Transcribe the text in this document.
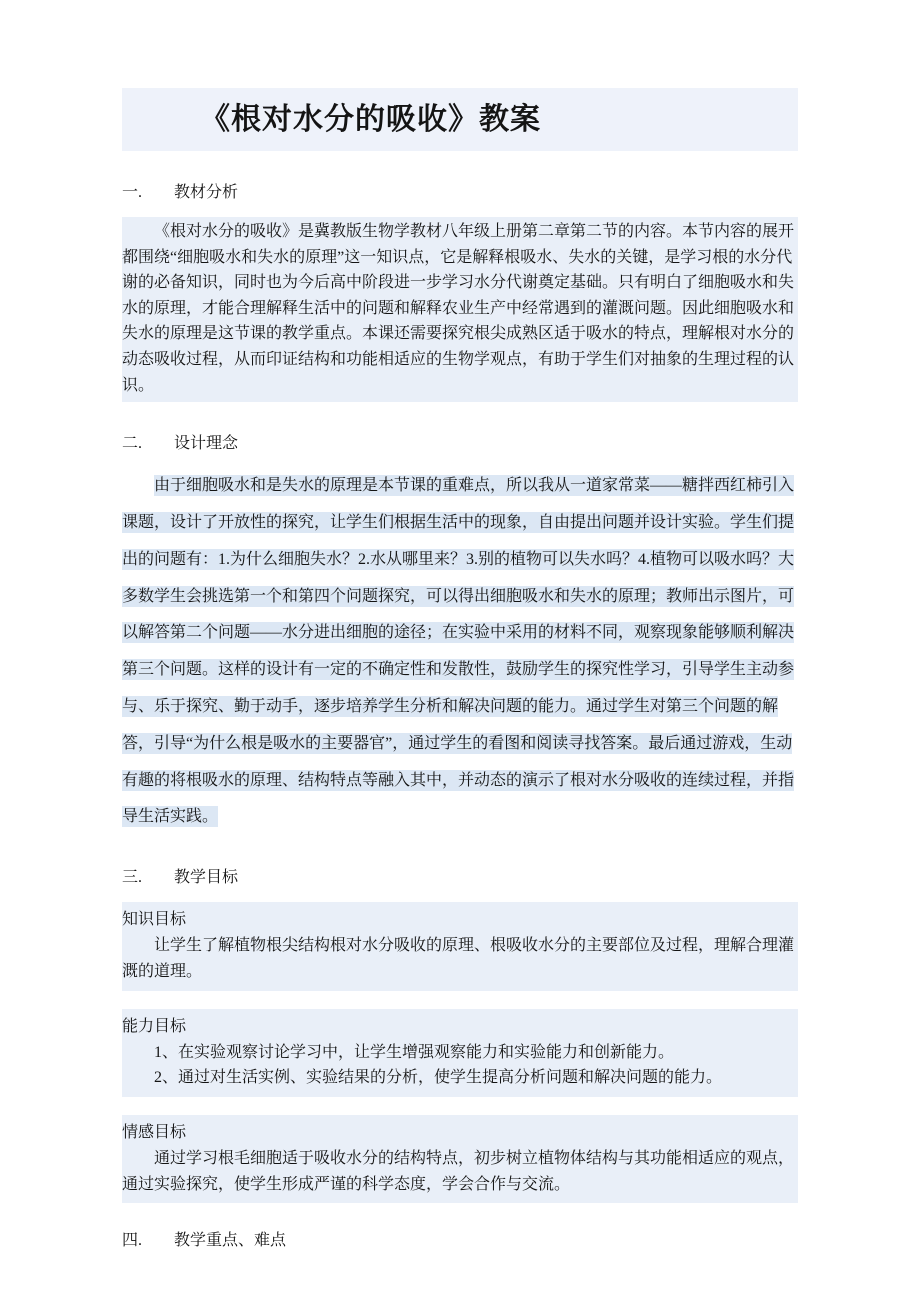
《根对水分的吸收》教案
一.　　教材分析

《根对水分的吸收》是冀教版生物学教材八年级上册第二章第二节的内容。本节内容的展开都围绕“细胞吸水和失水的原理”这一知识点，它是解释根吸水、失水的关键，是学习根的水分代谢的必备知识，同时也为今后高中阶段进一步学习水分代谢奠定基础。只有明白了细胞吸水和失水的原理，才能合理解释生活中的问题和解释农业生产中经常遇到的灌溉问题。因此细胞吸水和失水的原理是这节课的教学重点。本课还需要探究根尖成熟区适于吸水的特点，理解根对水分的动态吸收过程，从而印证结构和功能相适应的生物学观点，有助于学生们对抽象的生理过程的认识。

二.　　设计理念

由于细胞吸水和是失水的原理是本节课的重难点，所以我从一道家常菜——糖拌西红柿引入课题，设计了开放性的探究，让学生们根据生活中的现象，自由提出问题并设计实验。学生们提出的问题有：1.为什么细胞失水？2.水从哪里来？3.别的植物可以失水吗？4.植物可以吸水吗？大多数学生会挑选第一个和第四个问题探究，可以得出细胞吸水和失水的原理；教师出示图片，可以解答第二个问题——水分进出细胞的途径；在实验中采用的材料不同，观察现象能够顺利解决第三个问题。这样的设计有一定的不确定性和发散性，鼓励学生的探究性学习，引导学生主动参与、乐于探究、勤于动手，逐步培养学生分析和解决问题的能力。通过学生对第三个问题的解答，引导“为什么根是吸水的主要器官”，通过学生的看图和阅读寻找答案。最后通过游戏，生动有趣的将根吸水的原理、结构特点等融入其中，并动态的演示了根对水分吸收的连续过程，并指导生活实践。

三.　　教学目标
知识目标

让学生了解植物根尖结构根对水分吸收的原理、根吸收水分的主要部位及过程，理解合理灌溉的道理。

能力目标

1、在实验观察讨论学习中，让学生增强观察能力和实验能力和创新能力。

2、通过对生活实例、实验结果的分析，使学生提高分析问题和解决问题的能力。

情感目标

通过学习根毛细胞适于吸收水分的结构特点，初步树立植物体结构与其功能相适应的观点，通过实验探究，使学生形成严谨的科学态度，学会合作与交流。

四.　　教学重点、难点
